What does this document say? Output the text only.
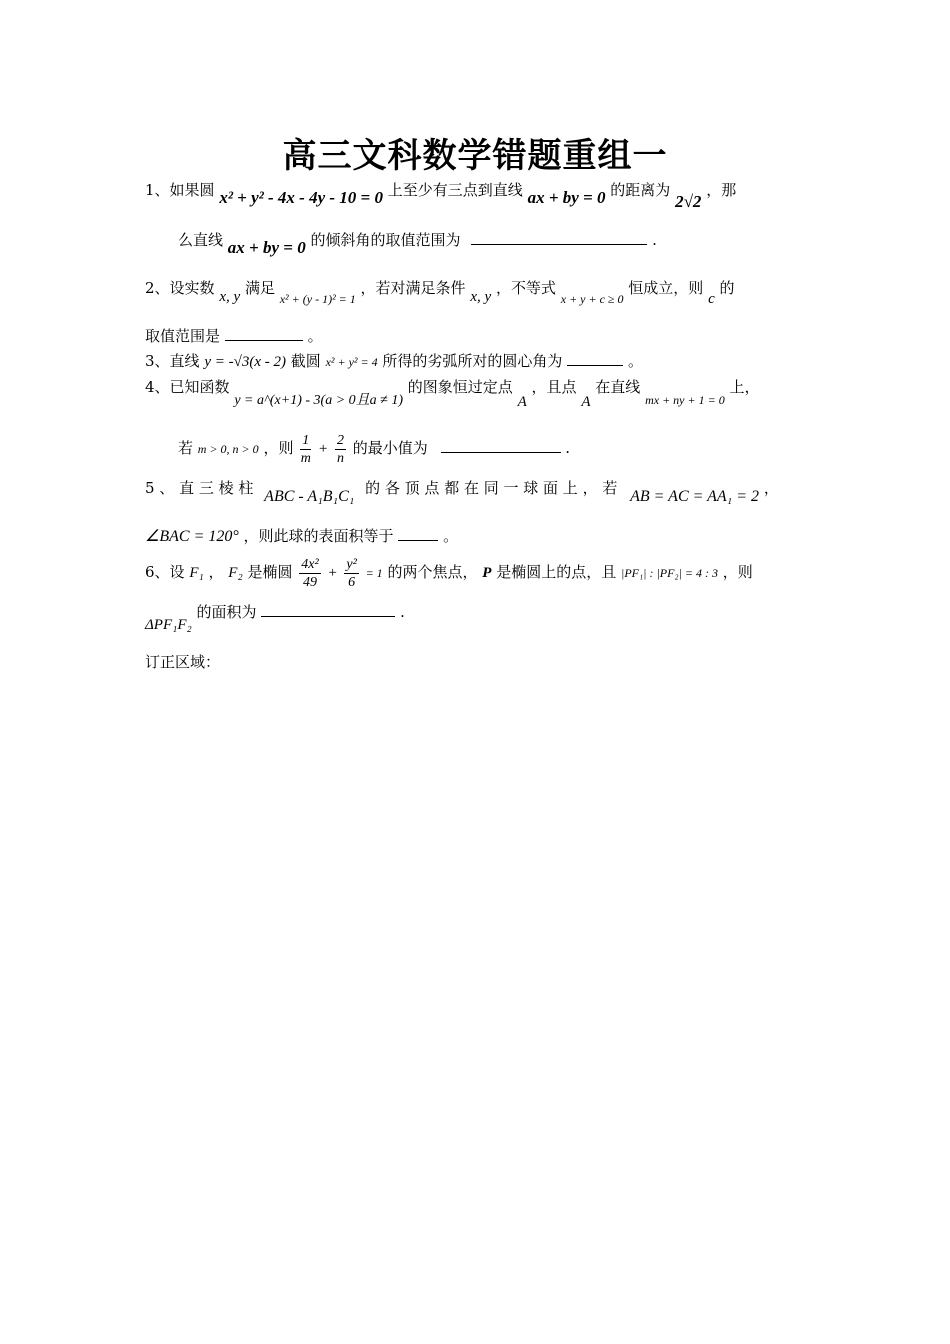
高三文科数学错题重组一
1、如果圆 x² + y² - 4x - 4y - 10 = 0 上至少有三点到直线 ax + by = 0 的距离为 2√2 ，那
么直线 ax + by = 0 的倾斜角的取值范围为	.
2、设实数 x, y 满足 $_{x^2 + (y - 1)^2 = 1}$ ，若对满足条件 x, y ，不等式 $_{x + y + c \ge 0}$ 恒成立，则 c 的
取值范围是	。
3、直线 y = -√3(x - 2) 截圆 x² + y² = 4 所得的劣弧所对的圆心角为	。
4、已知函数 y = a^(x+1) - 3(a > 0且a ≠ 1) 的图象恒过定点 A ，且点 A 在直线 $_{mx + ny + 1 = 0}$ 上，
若 m > 0, n > 0 ，则 $\frac{1}{m} + \frac{2}{n}$ 的最小值为	.
5 、 直 三 棱 柱 ABC - A₁B₁C₁ 的 各 顶 点 都 在 同 一 球 面 上 ， 若 AB = AC = AA₁ = 2 ，
∠BAC = 120° ，则此球的表面积等于	。
6、设 F₁ ， F₂ 是椭圆 $\frac{\text{4x²}}{49} + \frac{\text{y²}}{6} = 1$ 的两个焦点， P 是椭圆上的点，且 |PF₁| : |PF₂| = 4 : 3 ，则
ΔPF₁F₂ 的面积为	.
订正区域：
